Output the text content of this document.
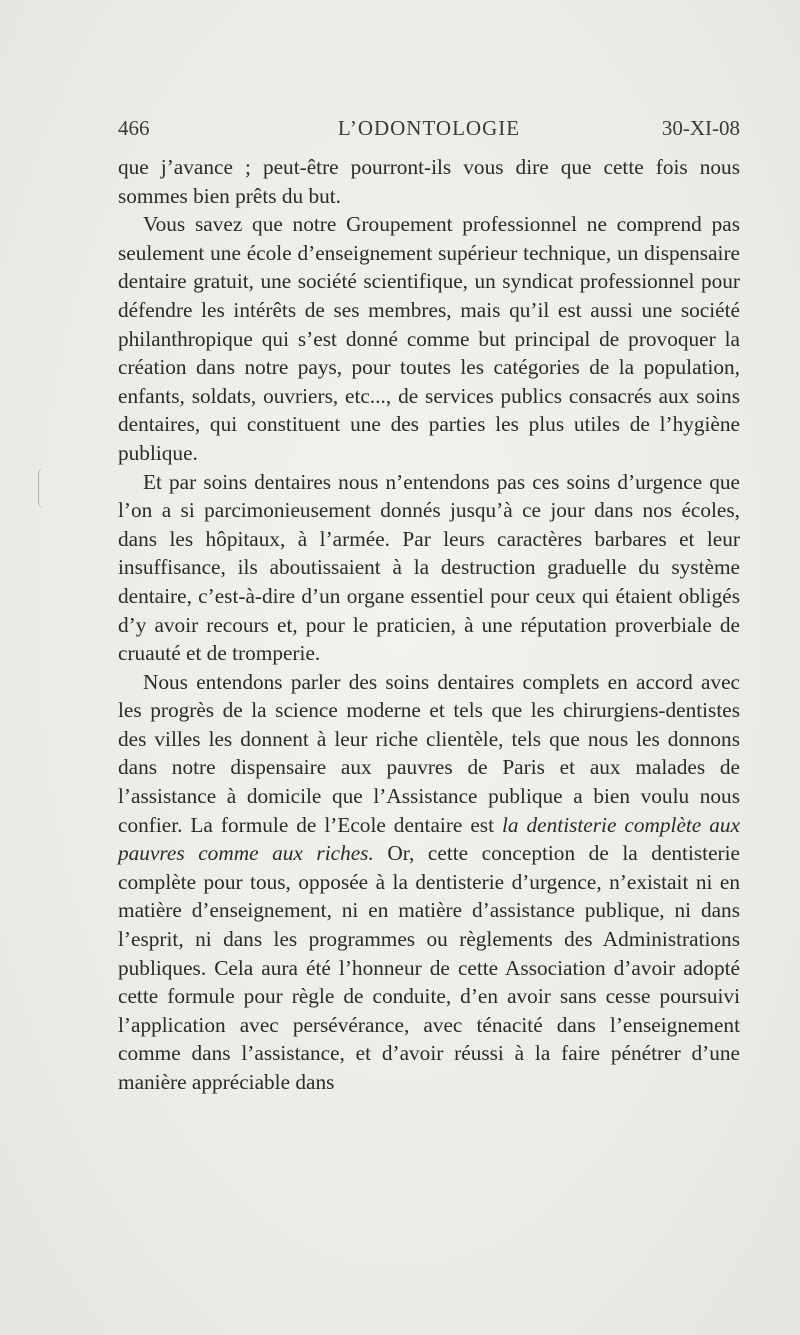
466	L’ODONTOLOGIE	30-XI-08

que j’avance ; peut-être pourront-ils vous dire que cette fois nous sommes bien prêts du but.

Vous savez que notre Groupement professionnel ne comprend pas seulement une école d’enseignement supérieur technique, un dispensaire dentaire gratuit, une société scientifique, un syndicat professionnel pour défendre les intérêts de ses membres, mais qu’il est aussi une société philanthropique qui s’est donné comme but principal de provoquer la création dans notre pays, pour toutes les catégories de la population, enfants, soldats, ouvriers, etc..., de services publics consacrés aux soins dentaires, qui constituent une des parties les plus utiles de l’hygiène publique.

Et par soins dentaires nous n’entendons pas ces soins d’urgence que l’on a si parcimonieusement donnés jusqu’à ce jour dans nos écoles, dans les hôpitaux, à l’armée. Par leurs caractères barbares et leur insuffisance, ils aboutissaient à la destruction graduelle du système dentaire, c’est-à-dire d’un organe essentiel pour ceux qui étaient obligés d’y avoir recours et, pour le praticien, à une réputation proverbiale de cruauté et de tromperie.

Nous entendons parler des soins dentaires complets en accord avec les progrès de la science moderne et tels que les chirurgiens-dentistes des villes les donnent à leur riche clientèle, tels que nous les donnons dans notre dispensaire aux pauvres de Paris et aux malades de l’assistance à domicile que l’Assistance publique a bien voulu nous confier. La formule de l’Ecole dentaire est la dentisterie complète aux pauvres comme aux riches. Or, cette conception de la dentisterie complète pour tous, opposée à la dentisterie d’urgence, n’existait ni en matière d’enseignement, ni en matière d’assistance publique, ni dans l’esprit, ni dans les programmes ou règlements des Administrations publiques. Cela aura été l’honneur de cette Association d’avoir adopté cette formule pour règle de conduite, d’en avoir sans cesse poursuivi l’application avec persévérance, avec ténacité dans l’enseignement comme dans l’assistance, et d’avoir réussi à la faire pénétrer d’une manière appréciable dans
